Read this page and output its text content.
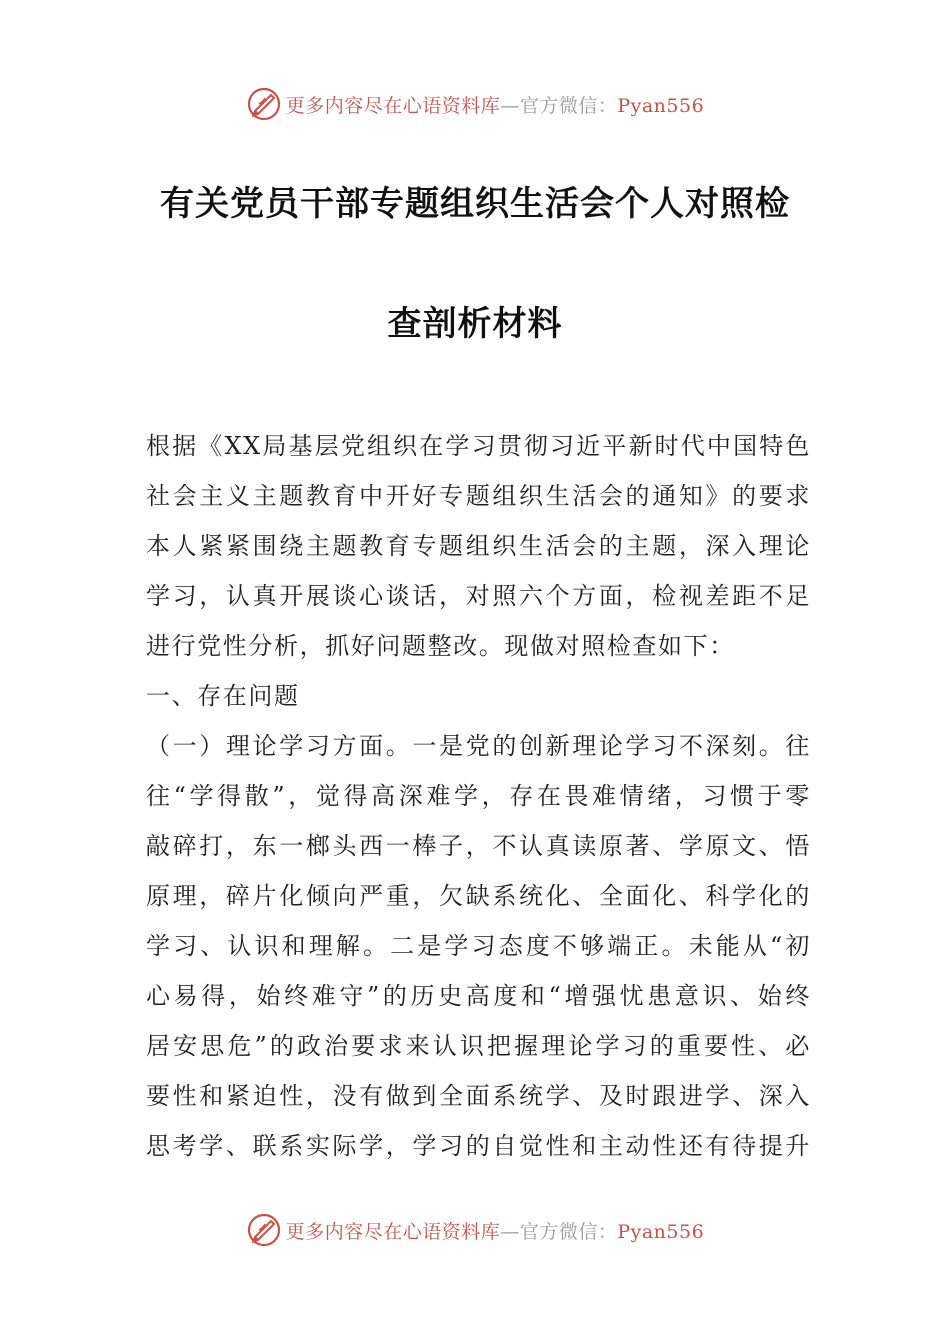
更多内容尽在心语资料库—官方微信：Pyan556
有关党员干部专题组织生活会个人对照检
查剖析材料
根据《XX局基层党组织在学习贯彻习近平新时代中国特色
社会主义主题教育中开好专题组织生活会的通知》的要求
本人紧紧围绕主题教育专题组织生活会的主题，深入理论
学习，认真开展谈心谈话，对照六个方面，检视差距不足
进行党性分析，抓好问题整改。现做对照检查如下：
一、存在问题
（一）理论学习方面。一是党的创新理论学习不深刻。往
往“学得散”，觉得高深难学，存在畏难情绪，习惯于零
敲碎打，东一榔头西一棒子，不认真读原著、学原文、悟
原理，碎片化倾向严重，欠缺系统化、全面化、科学化的
学习、认识和理解。二是学习态度不够端正。未能从“初
心易得，始终难守”的历史高度和“增强忧患意识、始终
居安思危”的政治要求来认识把握理论学习的重要性、必
要性和紧迫性，没有做到全面系统学、及时跟进学、深入
思考学、联系实际学，学习的自觉性和主动性还有待提升
更多内容尽在心语资料库—官方微信：Pyan556
